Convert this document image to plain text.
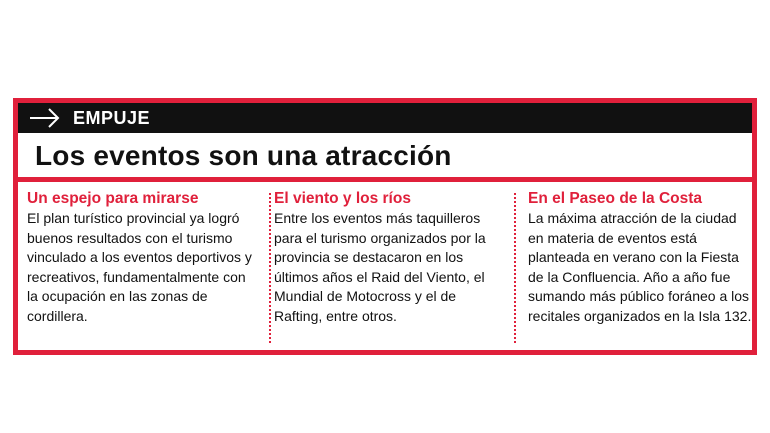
EMPUJE
Los eventos son una atracción
Un espejo para mirarse

El plan turístico provincial ya logró buenos resultados con el turismo vinculado a los eventos deportivos y recreativos, fundamentalmente con la ocupación en las zonas de cordillera.

El viento y los ríos

Entre los eventos más taquilleros para el turismo organizados por la provincia se destacaron en los últimos años el Raid del Viento, el Mundial de Motocross y el de Rafting, entre otros.

En el Paseo de la Costa

La máxima atracción de la ciudad en materia de eventos está planteada en verano con la Fiesta de la Confluencia. Año a año fue sumando más público foráneo a los recitales organizados en la Isla 132.
